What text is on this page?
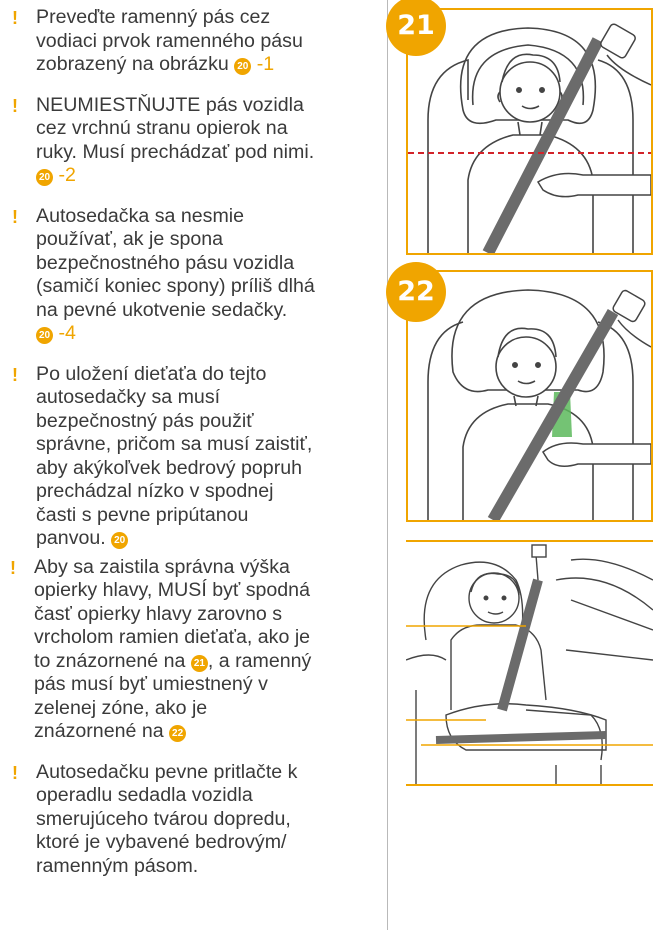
! Preveďte ramenný pás cez
vodiaci prvok ramenného pásu
zobrazený na obrázku 20 -1
! NEUMIESTŇUJTE pás vozidla
cez vrchnú stranu opierok na
ruky. Musí prechádzať pod nimi.
20 -2
! Autosedačka sa nesmie
používať, ak je spona
bezpečnostného pásu vozidla
(samičí koniec spony) príliš dlhá
na pevné ukotvenie sedačky.
20 -4
! Po uložení dieťaťa do tejto
autosedačky sa musí
bezpečnostný pás použiť
správne, pričom sa musí zaistiť,
aby akýkoľvek bedrový popruh
prechádzal nízko v spodnej
časti s pevne pripútanou
panvou. 20
! Aby sa zaistila správna výška
opierky hlavy, MUSÍ byť spodná
časť opierky hlavy zarovno s
vrcholom ramien dieťaťa, ako je
to znázornené na 21 , a ramenný
pás musí byť umiestnený v
zelenej zóne, ako je
znázornené na 22
! Autosedačku pevne pritlačte k
operadlu sedadla vozidla
smerujúceho tvárou dopredu,
ktoré je vybavené bedrovým/
ramenným pásom.
21
22
